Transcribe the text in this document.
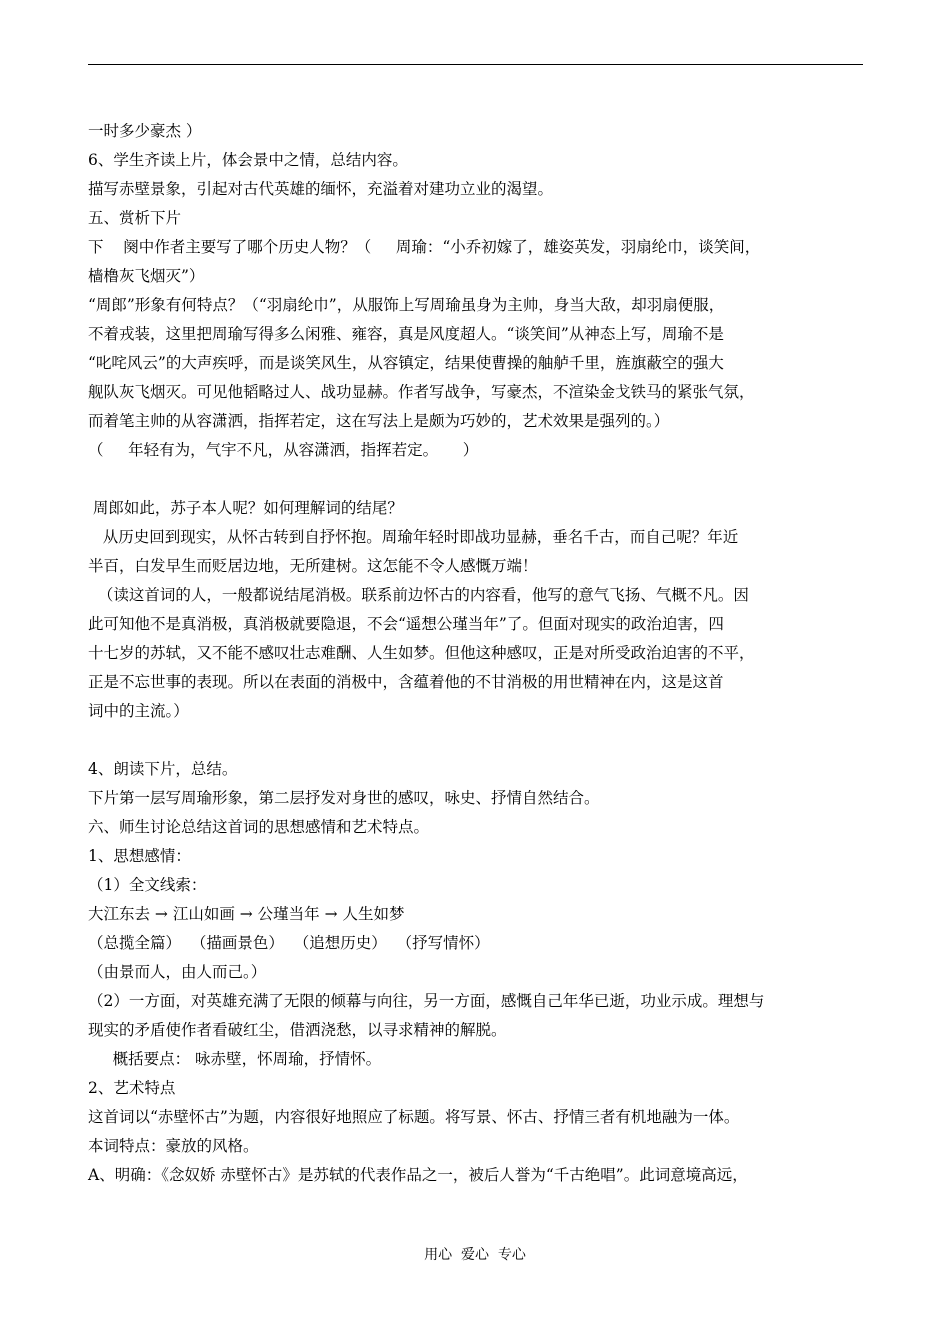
一时多少豪杰 ）
6、学生齐读上片，体会景中之情，总结内容。
描写赤壁景象，引起对古代英雄的缅怀，充溢着对建功立业的渴望。
五、赏析下片
下    阕中作者主要写了哪个历史人物？（     周瑜：“小乔初嫁了，雄姿英发，羽扇纶巾，谈笑间，
樯橹灰飞烟灭”）
“周郎”形象有何特点？（“羽扇纶巾”，从服饰上写周瑜虽身为主帅，身当大敌，却羽扇便服，
不着戎装，这里把周瑜写得多么闲雅、雍容，真是风度超人。“谈笑间”从神态上写，周瑜不是
“叱咤风云”的大声疾呼，而是谈笑风生，从容镇定，结果使曹操的舳舻千里，旌旗蔽空的强大
舰队灰飞烟灭。可见他韬略过人、战功显赫。作者写战争，写豪杰，不渲染金戈铁马的紧张气氛，
而着笔主帅的从容潇洒，指挥若定，这在写法上是颇为巧妙的，艺术效果是强列的。）
（     年轻有为，气宇不凡，从容潇洒，指挥若定。     ）
周郎如此，苏子本人呢？如何理解词的结尾？
从历史回到现实，从怀古转到自抒怀抱。周瑜年轻时即战功显赫，垂名千古，而自己呢？年近
半百，白发早生而贬居边地，无所建树。这怎能不令人感慨万端！
（读这首词的人，一般都说结尾消极。联系前边怀古的内容看，他写的意气飞扬、气概不凡。因
此可知他不是真消极，真消极就要隐退，不会“遥想公瑾当年”了。但面对现实的政治迫害，四
十七岁的苏轼，又不能不感叹壮志难酬、人生如梦。但他这种感叹，正是对所受政治迫害的不平，
正是不忘世事的表现。所以在表面的消极中，含蕴着他的不甘消极的用世精神在内，这是这首
词中的主流。）
4、朗读下片，总结。
下片第一层写周瑜形象，第二层抒发对身世的感叹，咏史、抒情自然结合。
六、师生讨论总结这首词的思想感情和艺术特点。
1、思想感情：
（1）全文线索：
大江东去 → 江山如画 → 公瑾当年 → 人生如梦
（总揽全篇）  （描画景色）  （追想历史）  （抒写情怀）
（由景而人，由人而己。）
（2）一方面，对英雄充满了无限的倾幕与向往，另一方面，感慨自己年华已逝，功业示成。理想与
现实的矛盾使作者看破红尘，借洒浇愁，以寻求精神的解脱。
概括要点： 咏赤壁，怀周瑜，抒情怀。
2、艺术特点
这首词以“赤壁怀古”为题，内容很好地照应了标题。将写景、怀古、抒情三者有机地融为一体。
本词特点：豪放的风格。
A、明确：《念奴娇 赤壁怀古》是苏轼的代表作品之一，被后人誉为“千古绝唱”。此词意境高远，
用心  爱心  专心
